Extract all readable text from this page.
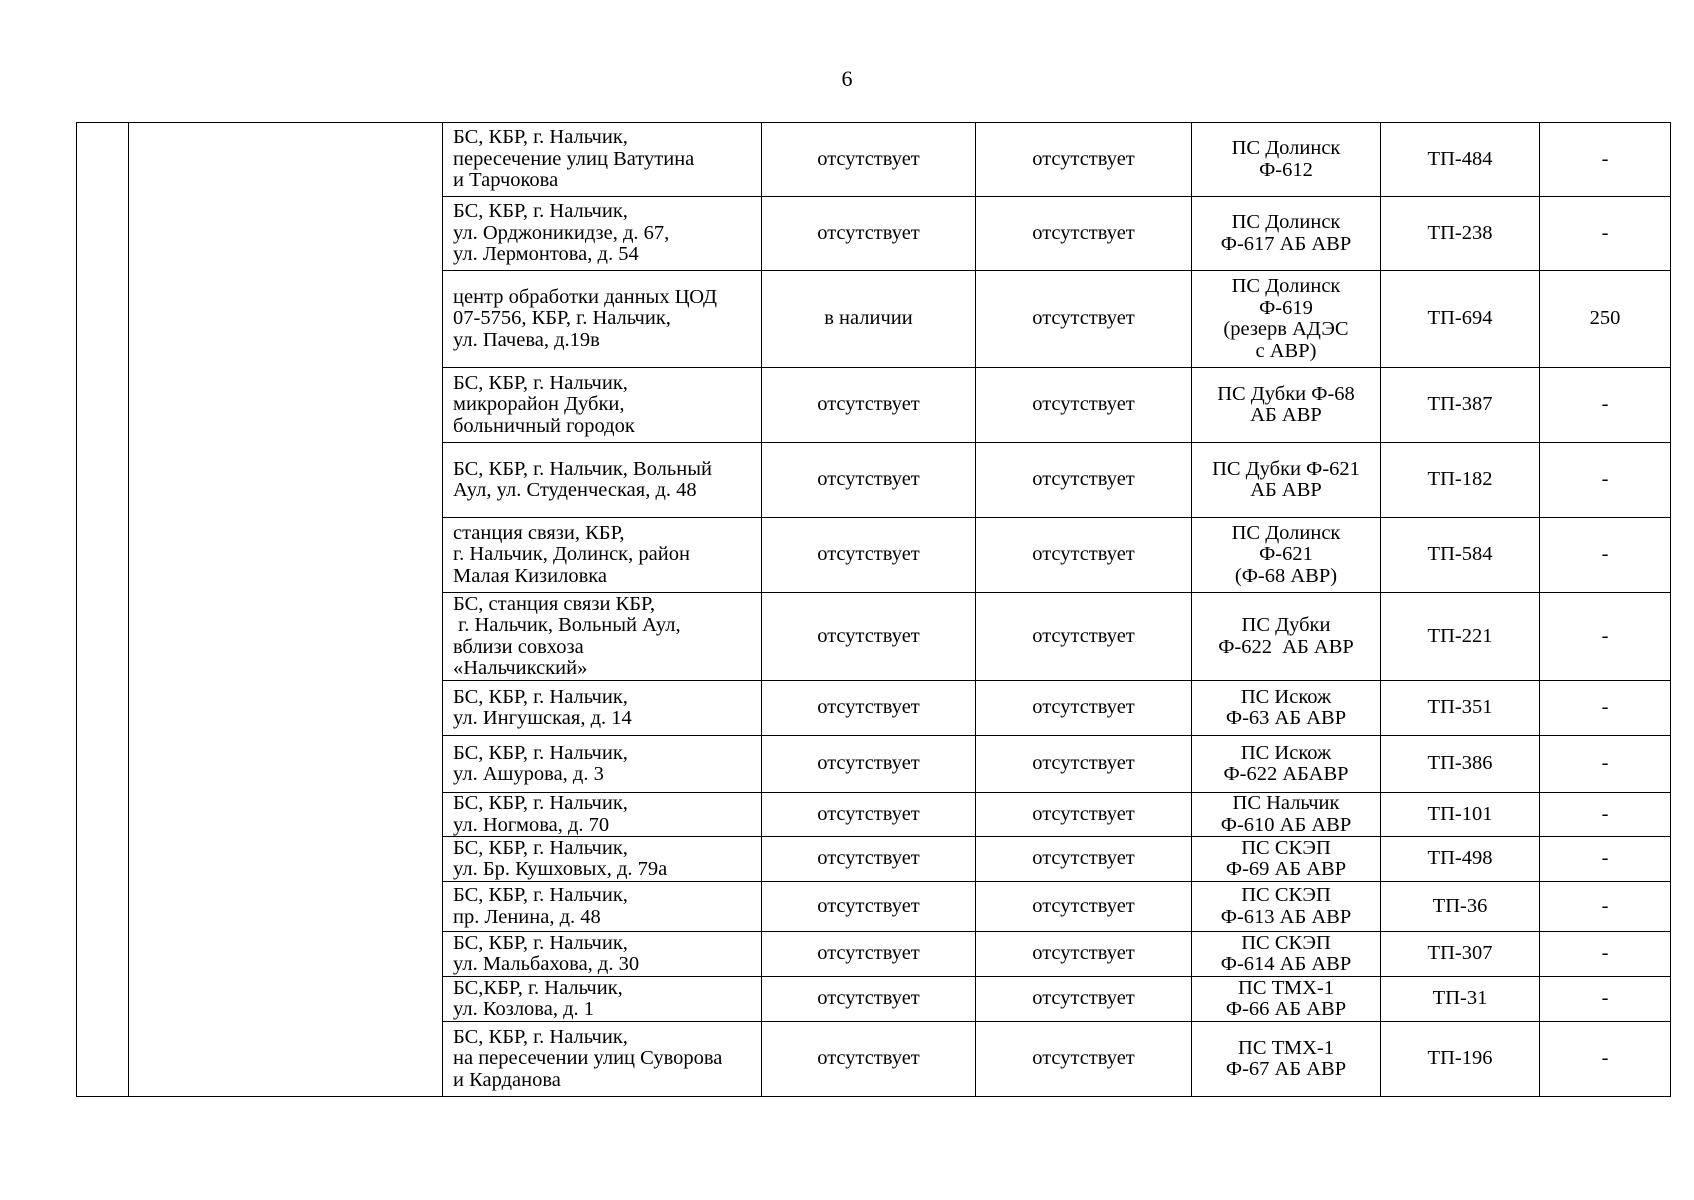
6

		БС, КБР, г. Нальчик,
пересечение улиц Ватутина
и Тарчокова	отсутствует	отсутствует	ПС Долинск
Ф-612	ТП-484	-

		БС, КБР, г. Нальчик,
ул. Орджоникидзе, д. 67,
ул. Лермонтова, д. 54	отсутствует	отсутствует	ПС Долинск
Ф-617 АБ АВР	ТП-238	-

		центр обработки данных ЦОД
07-5756, КБР, г. Нальчик,
ул. Пачева, д.19в	в наличии	отсутствует	ПС Долинск
Ф-619
(резерв АДЭС
с АВР)	ТП-694	250

		БС, КБР, г. Нальчик,
микрорайон Дубки,
больничный городок	отсутствует	отсутствует	ПС Дубки Ф-68
АБ АВР	ТП-387	-

		БС, КБР, г. Нальчик, Вольный
Аул, ул. Студенческая, д. 48	отсутствует	отсутствует	ПС Дубки Ф-621
АБ АВР	ТП-182	-

		станция связи, КБР,
г. Нальчик, Долинск, район
Малая Кизиловка	отсутствует	отсутствует	ПС Долинск
Ф-621
(Ф-68 АВР)	ТП-584	-

		БС, станция связи КБР,
г. Нальчик, Вольный Аул,
вблизи совхоза
«Нальчикский»	отсутствует	отсутствует	ПС Дубки
Ф-622  АБ АВР	ТП-221	-

		БС, КБР, г. Нальчик,
ул. Ингушская, д. 14	отсутствует	отсутствует	ПС Искож
Ф-63 АБ АВР	ТП-351	-

		БС, КБР, г. Нальчик,
ул. Ашурова, д. 3	отсутствует	отсутствует	ПС Искож
Ф-622 АБАВР	ТП-386	-

		БС, КБР, г. Нальчик,
ул. Ногмова, д. 70	отсутствует	отсутствует	ПС Нальчик
Ф-610 АБ АВР	ТП-101	-

		БС, КБР, г. Нальчик,
ул. Бр. Кушховых, д. 79а	отсутствует	отсутствует	ПС СКЭП
Ф-69 АБ АВР	ТП-498	-

		БС, КБР, г. Нальчик,
пр. Ленина, д. 48	отсутствует	отсутствует	ПС СКЭП
Ф-613 АБ АВР	ТП-36	-

		БС, КБР, г. Нальчик,
ул. Мальбахова, д. 30	отсутствует	отсутствует	ПС СКЭП
Ф-614 АБ АВР	ТП-307	-

		БС,КБР, г. Нальчик,
ул. Козлова, д. 1	отсутствует	отсутствует	ПС ТМХ-1
Ф-66 АБ АВР	ТП-31	-

		БС, КБР, г. Нальчик,
на пересечении улиц Суворова
и Карданова	отсутствует	отсутствует	ПС ТМХ-1
Ф-67 АБ АВР	ТП-196	-
